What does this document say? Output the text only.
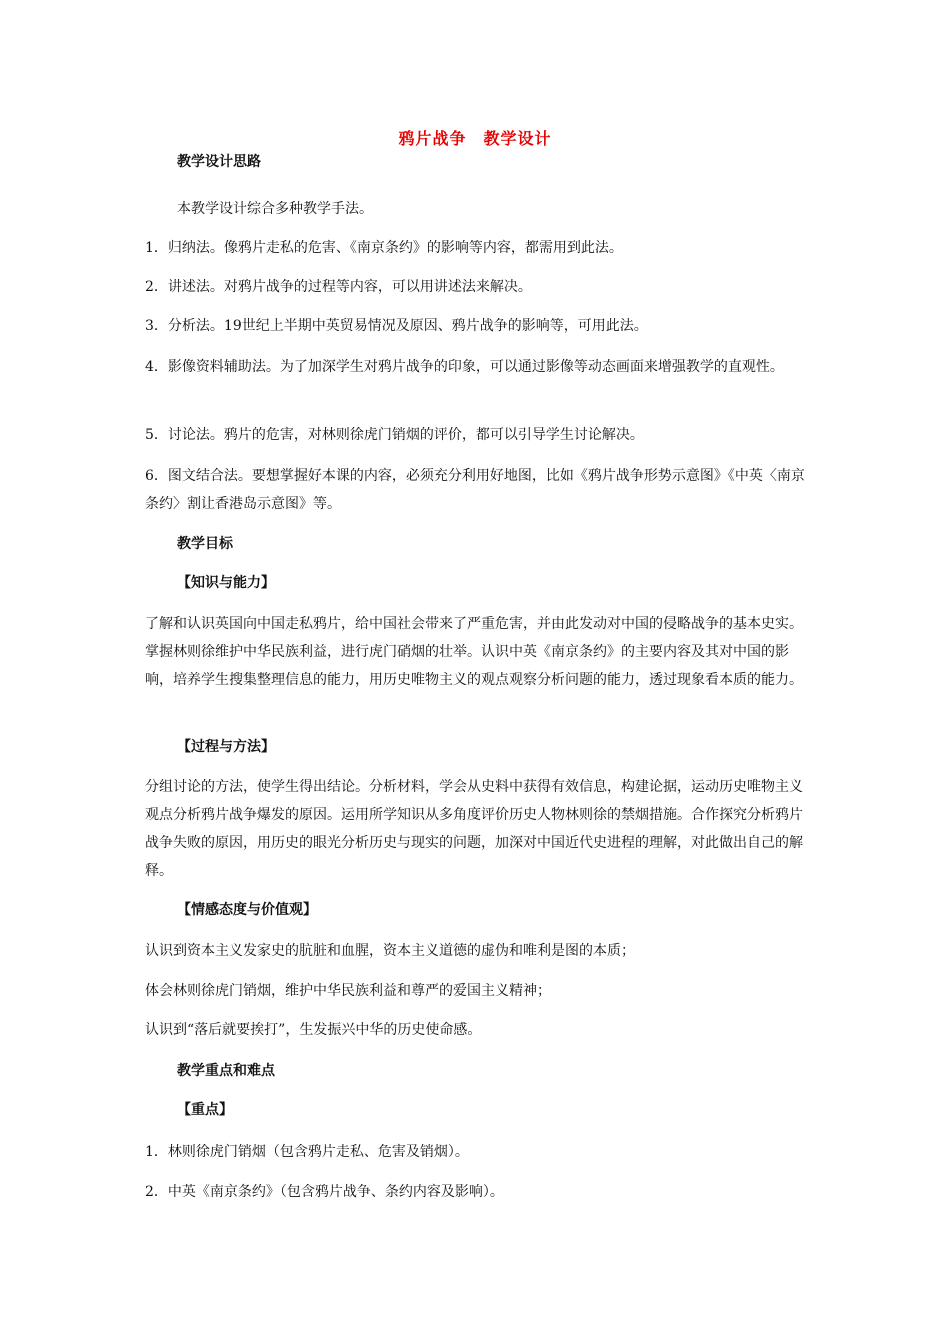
鸦片战争　教学设计

教学设计思路

本教学设计综合多种教学手法。

1．归纳法。像鸦片走私的危害、《南京条约》的影响等内容，都需用到此法。

2．讲述法。对鸦片战争的过程等内容，可以用讲述法来解决。

3．分析法。19世纪上半期中英贸易情况及原因、鸦片战争的影响等，可用此法。

4．影像资料辅助法。为了加深学生对鸦片战争的印象，可以通过影像等动态画面来增强教学的直观性。

5．讨论法。鸦片的危害，对林则徐虎门销烟的评价，都可以引导学生讨论解决。

6．图文结合法。要想掌握好本课的内容，必须充分利用好地图，比如《鸦片战争形势示意图》《中英〈南京条约〉割让香港岛示意图》等。

教学目标

【知识与能力】

了解和认识英国向中国走私鸦片，给中国社会带来了严重危害，并由此发动对中国的侵略战争的基本史实。掌握林则徐维护中华民族利益，进行虎门硝烟的壮举。认识中英《南京条约》的主要内容及其对中国的影响，培养学生搜集整理信息的能力，用历史唯物主义的观点观察分析问题的能力，透过现象看本质的能力。

【过程与方法】

分组讨论的方法，使学生得出结论。分析材料，学会从史料中获得有效信息，构建论据，运动历史唯物主义观点分析鸦片战争爆发的原因。运用所学知识从多角度评价历史人物林则徐的禁烟措施。合作探究分析鸦片战争失败的原因，用历史的眼光分析历史与现实的问题，加深对中国近代史进程的理解，对此做出自己的解释。

【情感态度与价值观】

认识到资本主义发家史的肮脏和血腥，资本主义道德的虚伪和唯利是图的本质；

体会林则徐虎门销烟，维护中华民族利益和尊严的爱国主义精神；

认识到“落后就要挨打”，生发振兴中华的历史使命感。

教学重点和难点

【重点】

1．林则徐虎门销烟（包含鸦片走私、危害及销烟）。

2．中英《南京条约》（包含鸦片战争、条约内容及影响）。
